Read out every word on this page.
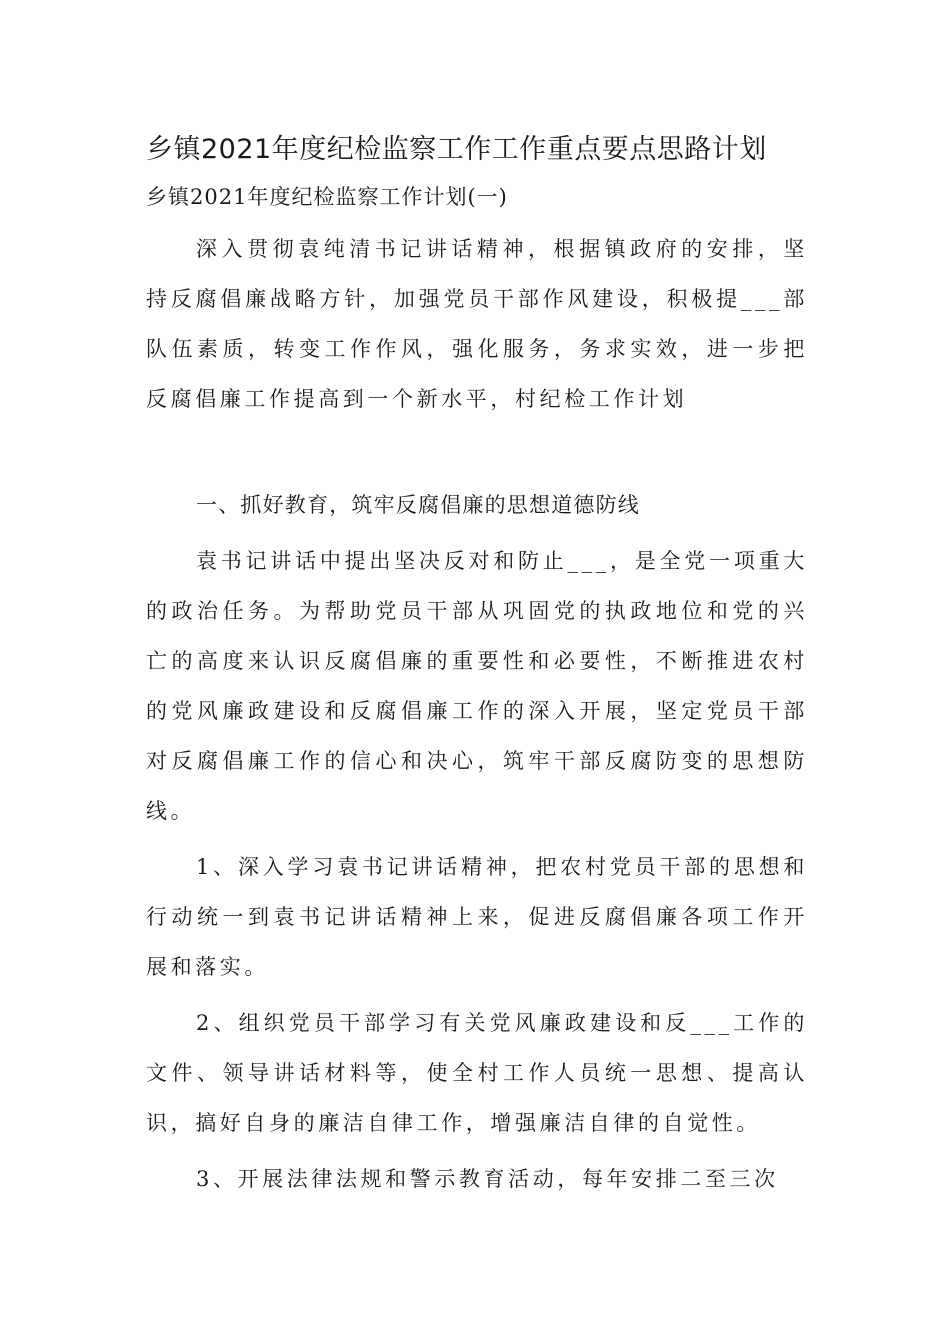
乡镇2021年度纪检监察工作工作重点要点思路计划
乡镇2021年度纪检监察工作计划(一)

深入贯彻袁纯清书记讲话精神，根据镇政府的安排，坚持反腐倡廉战略方针，加强党员干部作风建设，积极提___部队伍素质，转变工作作风，强化服务，务求实效，进一步把反腐倡廉工作提高到一个新水平，村纪检工作计划

一、抓好教育，筑牢反腐倡廉的思想道德防线

袁书记讲话中提出坚决反对和防止___，是全党一项重大的政治任务。为帮助党员干部从巩固党的执政地位和党的兴亡的高度来认识反腐倡廉的重要性和必要性，不断推进农村的党风廉政建设和反腐倡廉工作的深入开展，坚定党员干部对反腐倡廉工作的信心和决心，筑牢干部反腐防变的思想防线。

1、深入学习袁书记讲话精神，把农村党员干部的思想和行动统一到袁书记讲话精神上来，促进反腐倡廉各项工作开展和落实。

2、组织党员干部学习有关党风廉政建设和反___工作的文件、领导讲话材料等，使全村工作人员统一思想、提高认识，搞好自身的廉洁自律工作，增强廉洁自律的自觉性。

3、开展法律法规和警示教育活动，每年安排二至三次
